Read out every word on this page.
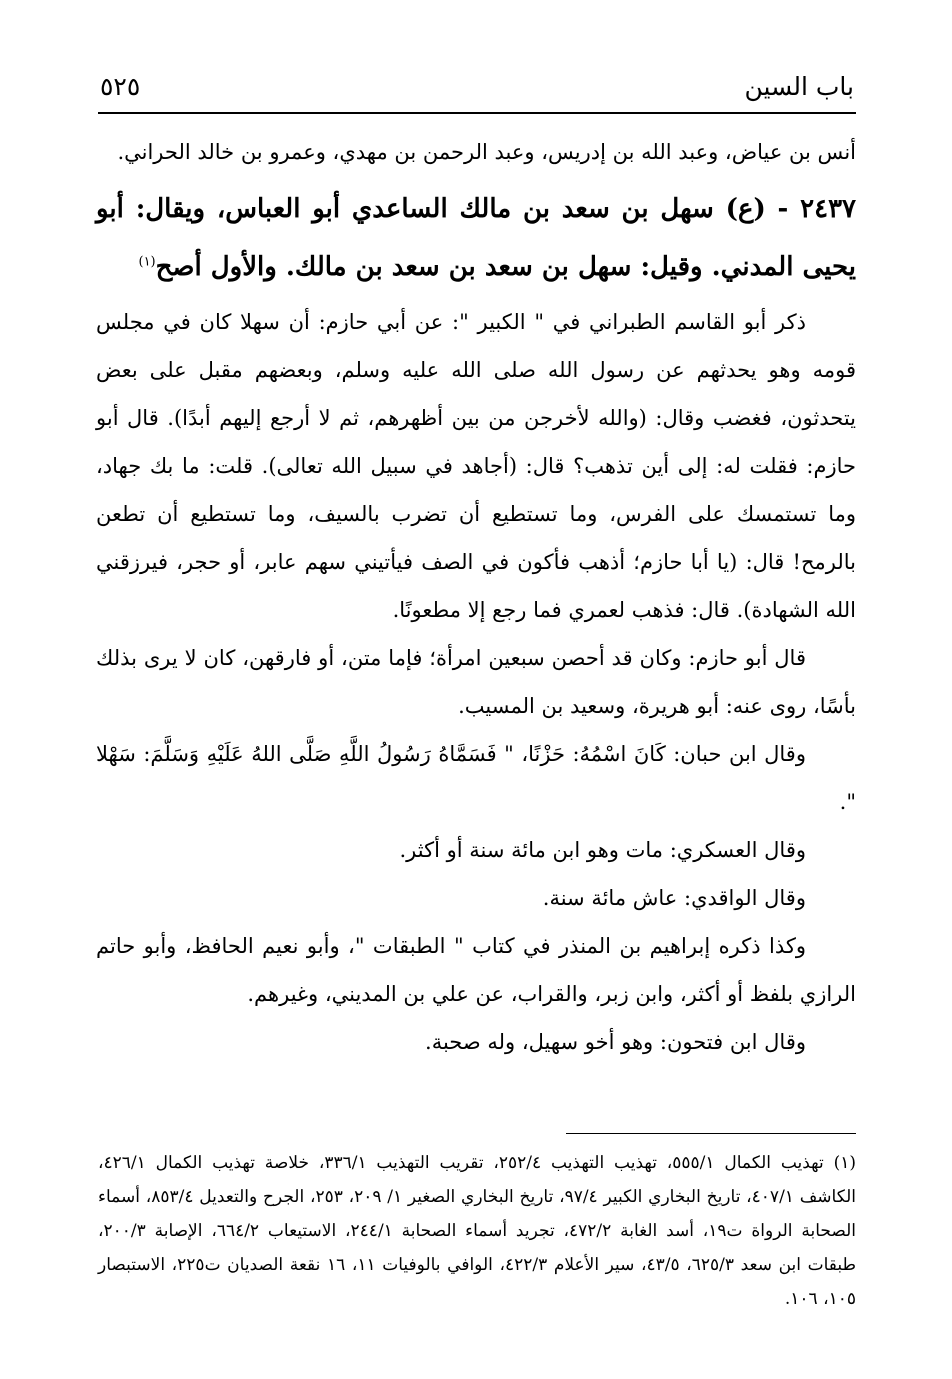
باب السين
٥٢٥

أنس بن عياض، وعبد الله بن إدريس، وعبد الرحمن بن مهدي، وعمرو بن خالد الحراني.

٢٤٣٧ - (ع) سهل بن سعد بن مالك الساعدي أبو العباس، ويقال: أبو يحيى المدني. وقيل: سهل بن سعد بن سعد بن مالك. والأول أصح$^{(١)}$

ذكر أبو القاسم الطبراني في " الكبير ": عن أبي حازم: أن سهلا كان في مجلس قومه وهو يحدثهم عن رسول الله صلى الله عليه وسلم، وبعضهم مقبل على بعض يتحدثون، فغضب وقال: (والله لأخرجن من بين أظهرهم، ثم لا أرجع إليهم أبدًا). قال أبو حازم: فقلت له: إلى أين تذهب؟ قال: (أجاهد في سبيل الله تعالى). قلت: ما بك جهاد، وما تستمسك على الفرس، وما تستطيع أن تضرب بالسيف، وما تستطيع أن تطعن بالرمح! قال: (يا أبا حازم؛ أذهب فأكون في الصف فيأتيني سهم عابر، أو حجر، فيرزقني الله الشهادة). قال: فذهب لعمري فما رجع إلا مطعونًا.

قال أبو حازم: وكان قد أحصن سبعين امرأة؛ فإما متن، أو فارقهن، كان لا يرى بذلك بأسًا، روى عنه: أبو هريرة، وسعيد بن المسيب.

وقال ابن حبان: كَانَ اسْمُهُ: حَزْنًا، " فَسَمَّاهُ رَسُولُ اللَّهِ صَلَّى اللهُ عَلَيْهِ وَسَلَّمَ: سَهْلا ".

وقال العسكري: مات وهو ابن مائة سنة أو أكثر.

وقال الواقدي: عاش مائة سنة.

وكذا ذكره إبراهيم بن المنذر في كتاب " الطبقات "، وأبو نعيم الحافظ، وأبو حاتم الرازي بلفظ أو أكثر، وابن زبر، والقراب، عن علي بن المديني، وغيرهم.

وقال ابن فتحون: وهو أخو سهيل، وله صحبة.

(١) تهذيب الكمال ٥٥٥/١، تهذيب التهذيب ٢٥٢/٤، تقريب التهذيب ٣٣٦/١، خلاصة تهذيب الكمال ٤٢٦/١، الكاشف ٤٠٧/١، تاريخ البخاري الكبير ٩٧/٤، تاريخ البخاري الصغير ١/ ٢٠٩، ٢٥٣، الجرح والتعديل ٨٥٣/٤، أسماء الصحابة الرواة ت١٩، أسد الغابة ٤٧٢/٢، تجريد أسماء الصحابة ٢٤٤/١، الاستيعاب ٦٦٤/٢، الإصابة ٢٠٠/٣، طبقات ابن سعد ٦٢٥/٣، ٤٣/٥، سير الأعلام ٤٢٢/٣، الوافي بالوفيات ١١، ١٦ نقعة الصديان ت٢٢٥، الاستبصار ١٠٥، ١٠٦.
